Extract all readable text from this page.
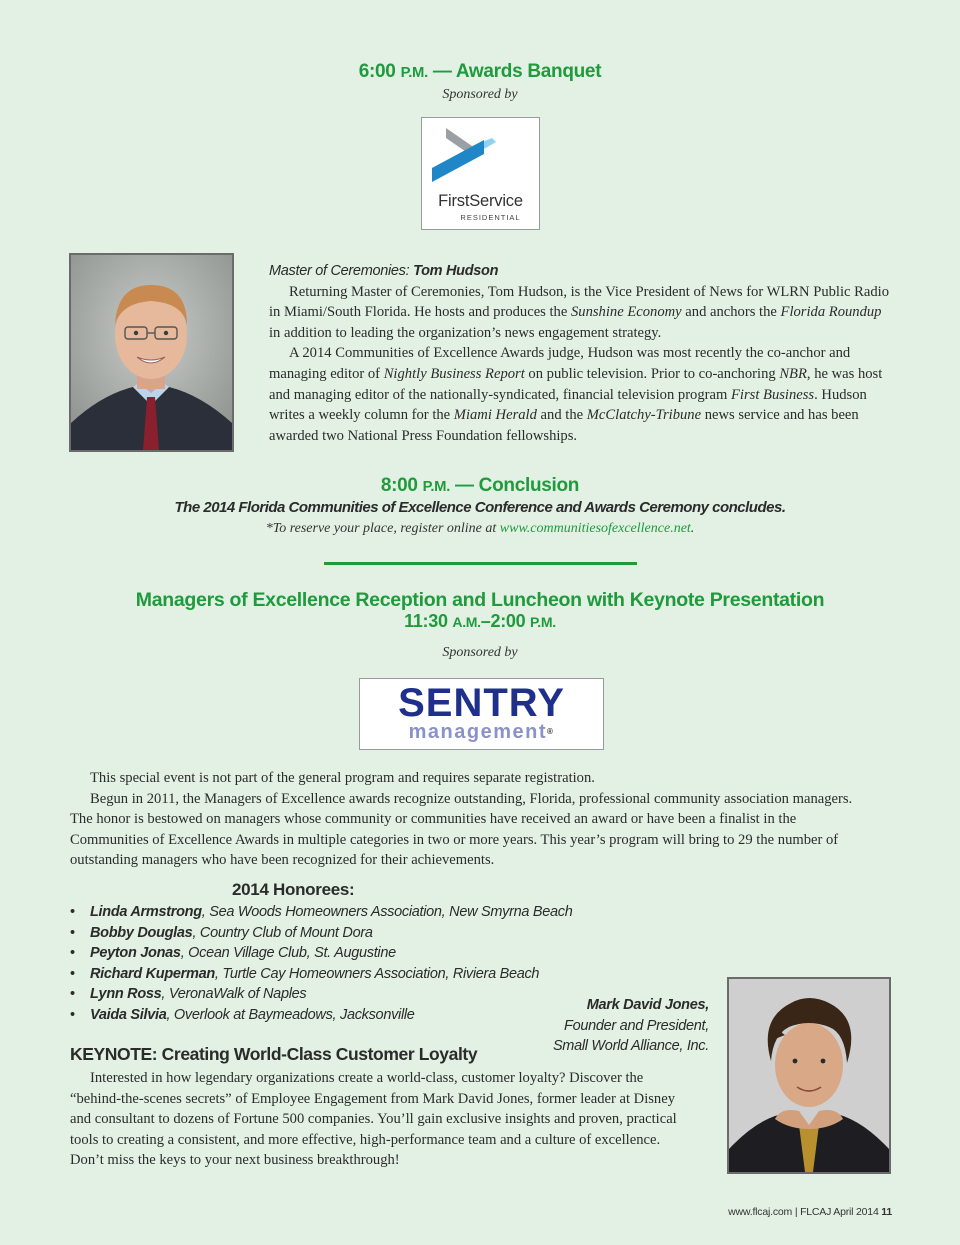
6:00 P.M. — Awards Banquet
Sponsored by
FirstService
RESIDENTIAL

Master of Ceremonies: Tom Hudson

Returning Master of Ceremonies, Tom Hudson, is the Vice President of News for WLRN Public Radio in Miami/South Florida. He hosts and produces the Sunshine Economy and anchors the Florida Roundup in addition to leading the organization’s news engagement strategy.

A 2014 Communities of Excellence Awards judge, Hudson was most recently the co-anchor and managing editor of Nightly Business Report on public television. Prior to co-anchoring NBR, he was host and managing editor of the nationally-syndicated, financial television program First Business. Hudson writes a weekly column for the Miami Herald and the McClatchy-Tribune news service and has been awarded two National Press Foundation fellowships.

8:00 P.M. — Conclusion
The 2014 Florida Communities of Excellence Conference and Awards Ceremony concludes.
*To reserve your place, register online at www.communitiesofexcellence.net.
Managers of Excellence Reception and Luncheon with Keynote Presentation
11:30 A.M.–2:00 P.M.
Sponsored by
SENTRY
management®

This special event is not part of the general program and requires separate registration.

Begun in 2011, the Managers of Excellence awards recognize outstanding, Florida, professional community association managers. The honor is bestowed on managers whose community or communities have received an award or have been a finalist in the Communities of Excellence Awards in multiple categories in two or more years. This year’s program will bring to 29 the number of outstanding managers who have been recognized for their achievements.

2014 Honorees:
• Linda Armstrong, Sea Woods Homeowners Association, New Smyrna Beach
• Bobby Douglas, Country Club of Mount Dora
• Peyton Jonas, Ocean Village Club, St. Augustine
• Richard Kuperman, Turtle Cay Homeowners Association, Riviera Beach
• Lynn Ross, VeronaWalk of Naples
• Vaida Silvia, Overlook at Baymeadows, Jacksonville
Mark David Jones,
Founder and President,
Small World Alliance, Inc.
KEYNOTE: Creating World-Class Customer Loyalty

Interested in how legendary organizations create a world-class, customer loyalty? Discover the “behind-the-scenes secrets” of Employee Engagement from Mark David Jones, former leader at Disney and consultant to dozens of Fortune 500 companies. You’ll gain exclusive insights and proven, practical tools to creating a consistent, and more effective, high-performance team and a culture of excellence. Don’t miss the keys to your next business breakthrough!

www.flcaj.com | FLCAJ April 2014 11
